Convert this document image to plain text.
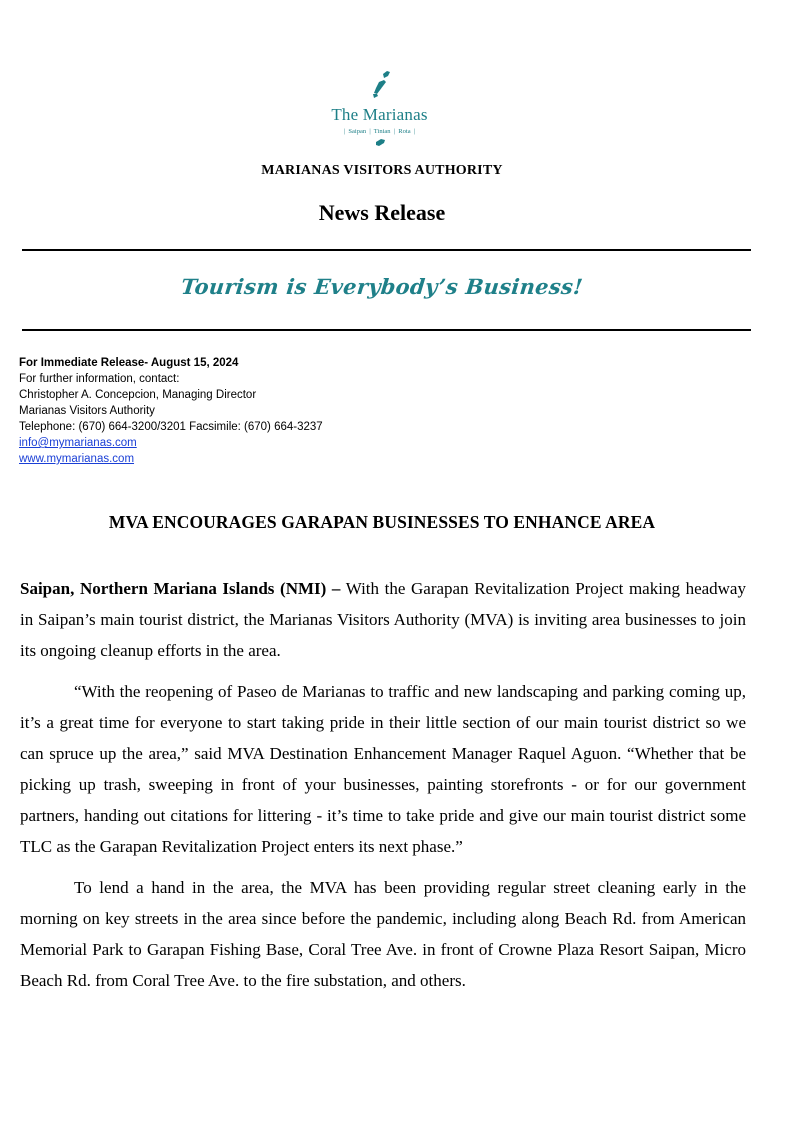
The Marianas
|  Saipan  |  Tinian  |  Rota  |
MARIANAS VISITORS AUTHORITY
News Release
Tourism is Everybody’s Business!
For Immediate Release- August 15, 2024
For further information, contact:
Christopher A. Concepcion, Managing Director
Marianas Visitors Authority
Telephone: (670) 664-3200/3201 Facsimile: (670) 664-3237
info@mymarianas.com
www.mymarianas.com
MVA ENCOURAGES GARAPAN BUSINESSES TO ENHANCE AREA

Saipan, Northern Mariana Islands (NMI) – With the Garapan Revitalization Project making headway in Saipan’s main tourist district, the Marianas Visitors Authority (MVA) is inviting area businesses to join its ongoing cleanup efforts in the area.

“With the reopening of Paseo de Marianas to traffic and new landscaping and parking coming up, it’s a great time for everyone to start taking pride in their little section of our main tourist district so we can spruce up the area,” said MVA Destination Enhancement Manager Raquel Aguon. “Whether that be picking up trash, sweeping in front of your businesses, painting storefronts - or for our government partners, handing out citations for littering - it’s time to take pride and give our main tourist district some TLC as the Garapan Revitalization Project enters its next phase.”

To lend a hand in the area, the MVA has been providing regular street cleaning early in the morning on key streets in the area since before the pandemic, including along Beach Rd. from American Memorial Park to Garapan Fishing Base, Coral Tree Ave. in front of Crowne Plaza Resort Saipan, Micro Beach Rd. from Coral Tree Ave. to the fire substation, and others.
